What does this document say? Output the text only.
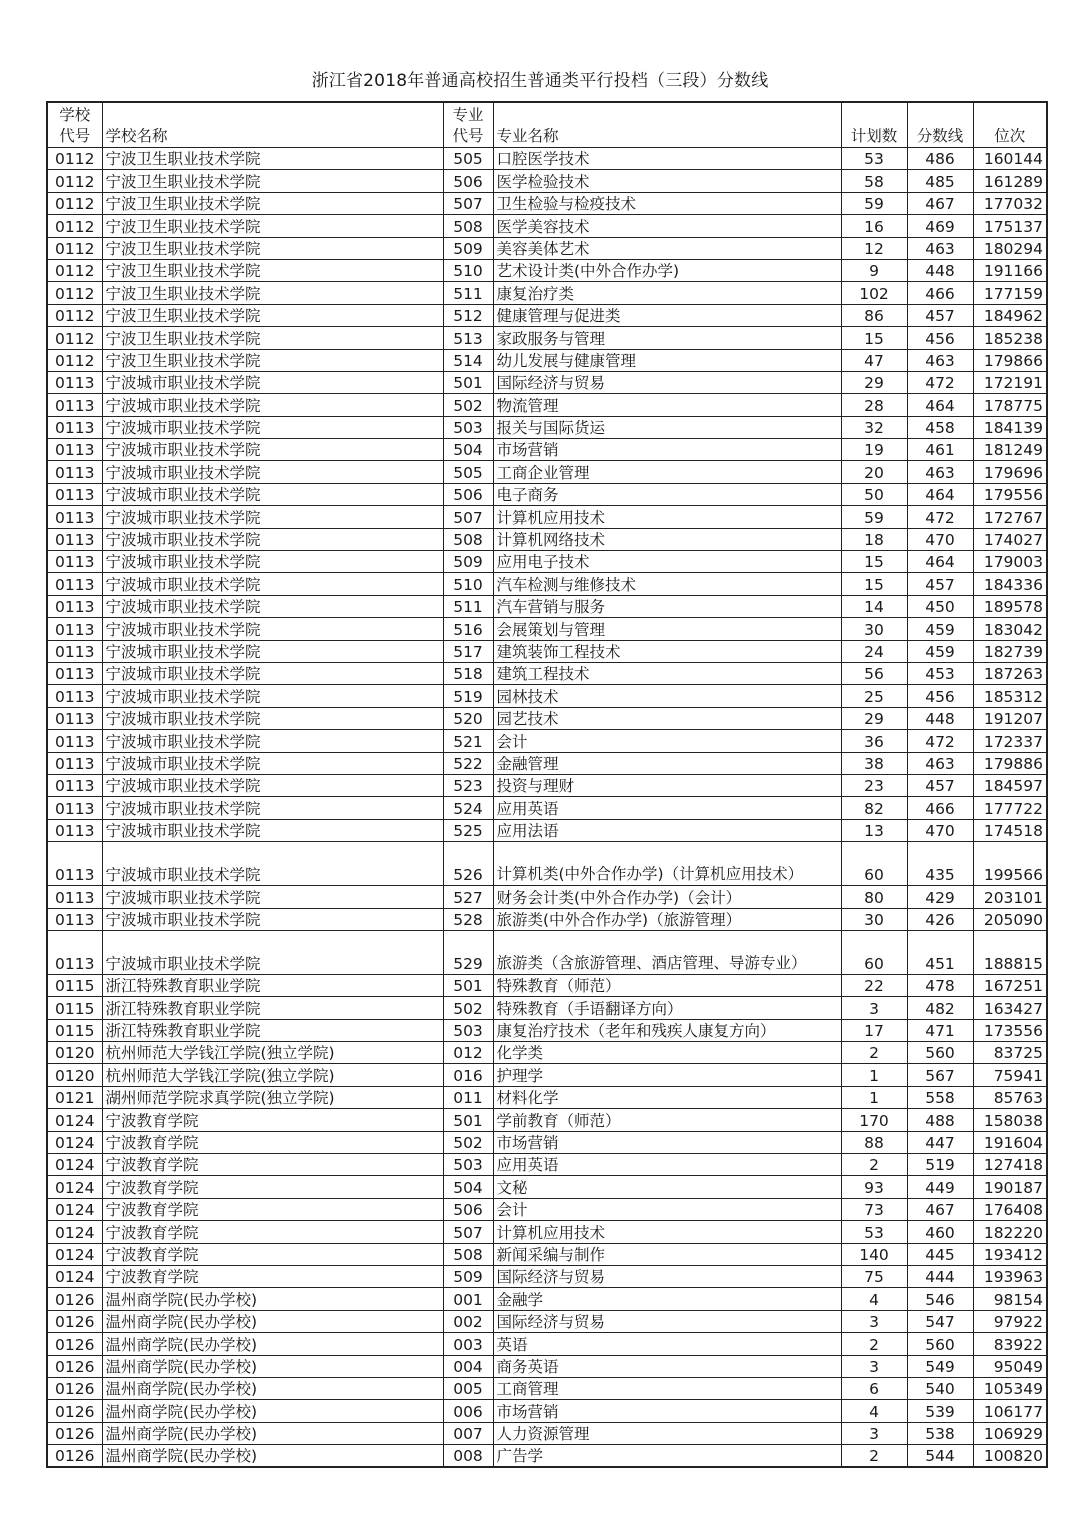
浙江省2018年普通高校招生普通类平行投档（三段）分数线
学校代号	学校名称	专业代号	专业名称	计划数	分数线	位次
0112	宁波卫生职业技术学院	505	口腔医学技术	53	486	160144
0112	宁波卫生职业技术学院	506	医学检验技术	58	485	161289
0112	宁波卫生职业技术学院	507	卫生检验与检疫技术	59	467	177032
0112	宁波卫生职业技术学院	508	医学美容技术	16	469	175137
0112	宁波卫生职业技术学院	509	美容美体艺术	12	463	180294
0112	宁波卫生职业技术学院	510	艺术设计类(中外合作办学)	9	448	191166
0112	宁波卫生职业技术学院	511	康复治疗类	102	466	177159
0112	宁波卫生职业技术学院	512	健康管理与促进类	86	457	184962
0112	宁波卫生职业技术学院	513	家政服务与管理	15	456	185238
0112	宁波卫生职业技术学院	514	幼儿发展与健康管理	47	463	179866
0113	宁波城市职业技术学院	501	国际经济与贸易	29	472	172191
0113	宁波城市职业技术学院	502	物流管理	28	464	178775
0113	宁波城市职业技术学院	503	报关与国际货运	32	458	184139
0113	宁波城市职业技术学院	504	市场营销	19	461	181249
0113	宁波城市职业技术学院	505	工商企业管理	20	463	179696
0113	宁波城市职业技术学院	506	电子商务	50	464	179556
0113	宁波城市职业技术学院	507	计算机应用技术	59	472	172767
0113	宁波城市职业技术学院	508	计算机网络技术	18	470	174027
0113	宁波城市职业技术学院	509	应用电子技术	15	464	179003
0113	宁波城市职业技术学院	510	汽车检测与维修技术	15	457	184336
0113	宁波城市职业技术学院	511	汽车营销与服务	14	450	189578
0113	宁波城市职业技术学院	516	会展策划与管理	30	459	183042
0113	宁波城市职业技术学院	517	建筑装饰工程技术	24	459	182739
0113	宁波城市职业技术学院	518	建筑工程技术	56	453	187263
0113	宁波城市职业技术学院	519	园林技术	25	456	185312
0113	宁波城市职业技术学院	520	园艺技术	29	448	191207
0113	宁波城市职业技术学院	521	会计	36	472	172337
0113	宁波城市职业技术学院	522	金融管理	38	463	179886
0113	宁波城市职业技术学院	523	投资与理财	23	457	184597
0113	宁波城市职业技术学院	524	应用英语	82	466	177722
0113	宁波城市职业技术学院	525	应用法语	13	470	174518
0113	宁波城市职业技术学院	526	计算机类(中外合作办学)（计算机应用技术）	60	435	199566
0113	宁波城市职业技术学院	527	财务会计类(中外合作办学)（会计）	80	429	203101
0113	宁波城市职业技术学院	528	旅游类(中外合作办学)（旅游管理）	30	426	205090
0113	宁波城市职业技术学院	529	旅游类（含旅游管理、酒店管理、导游专业）	60	451	188815
0115	浙江特殊教育职业学院	501	特殊教育（师范）	22	478	167251
0115	浙江特殊教育职业学院	502	特殊教育（手语翻译方向）	3	482	163427
0115	浙江特殊教育职业学院	503	康复治疗技术（老年和残疾人康复方向）	17	471	173556
0120	杭州师范大学钱江学院(独立学院)	012	化学类	2	560	83725
0120	杭州师范大学钱江学院(独立学院)	016	护理学	1	567	75941
0121	湖州师范学院求真学院(独立学院)	011	材料化学	1	558	85763
0124	宁波教育学院	501	学前教育（师范）	170	488	158038
0124	宁波教育学院	502	市场营销	88	447	191604
0124	宁波教育学院	503	应用英语	2	519	127418
0124	宁波教育学院	504	文秘	93	449	190187
0124	宁波教育学院	506	会计	73	467	176408
0124	宁波教育学院	507	计算机应用技术	53	460	182220
0124	宁波教育学院	508	新闻采编与制作	140	445	193412
0124	宁波教育学院	509	国际经济与贸易	75	444	193963
0126	温州商学院(民办学校)	001	金融学	4	546	98154
0126	温州商学院(民办学校)	002	国际经济与贸易	3	547	97922
0126	温州商学院(民办学校)	003	英语	2	560	83922
0126	温州商学院(民办学校)	004	商务英语	3	549	95049
0126	温州商学院(民办学校)	005	工商管理	6	540	105349
0126	温州商学院(民办学校)	006	市场营销	4	539	106177
0126	温州商学院(民办学校)	007	人力资源管理	3	538	106929
0126	温州商学院(民办学校)	008	广告学	2	544	100820
